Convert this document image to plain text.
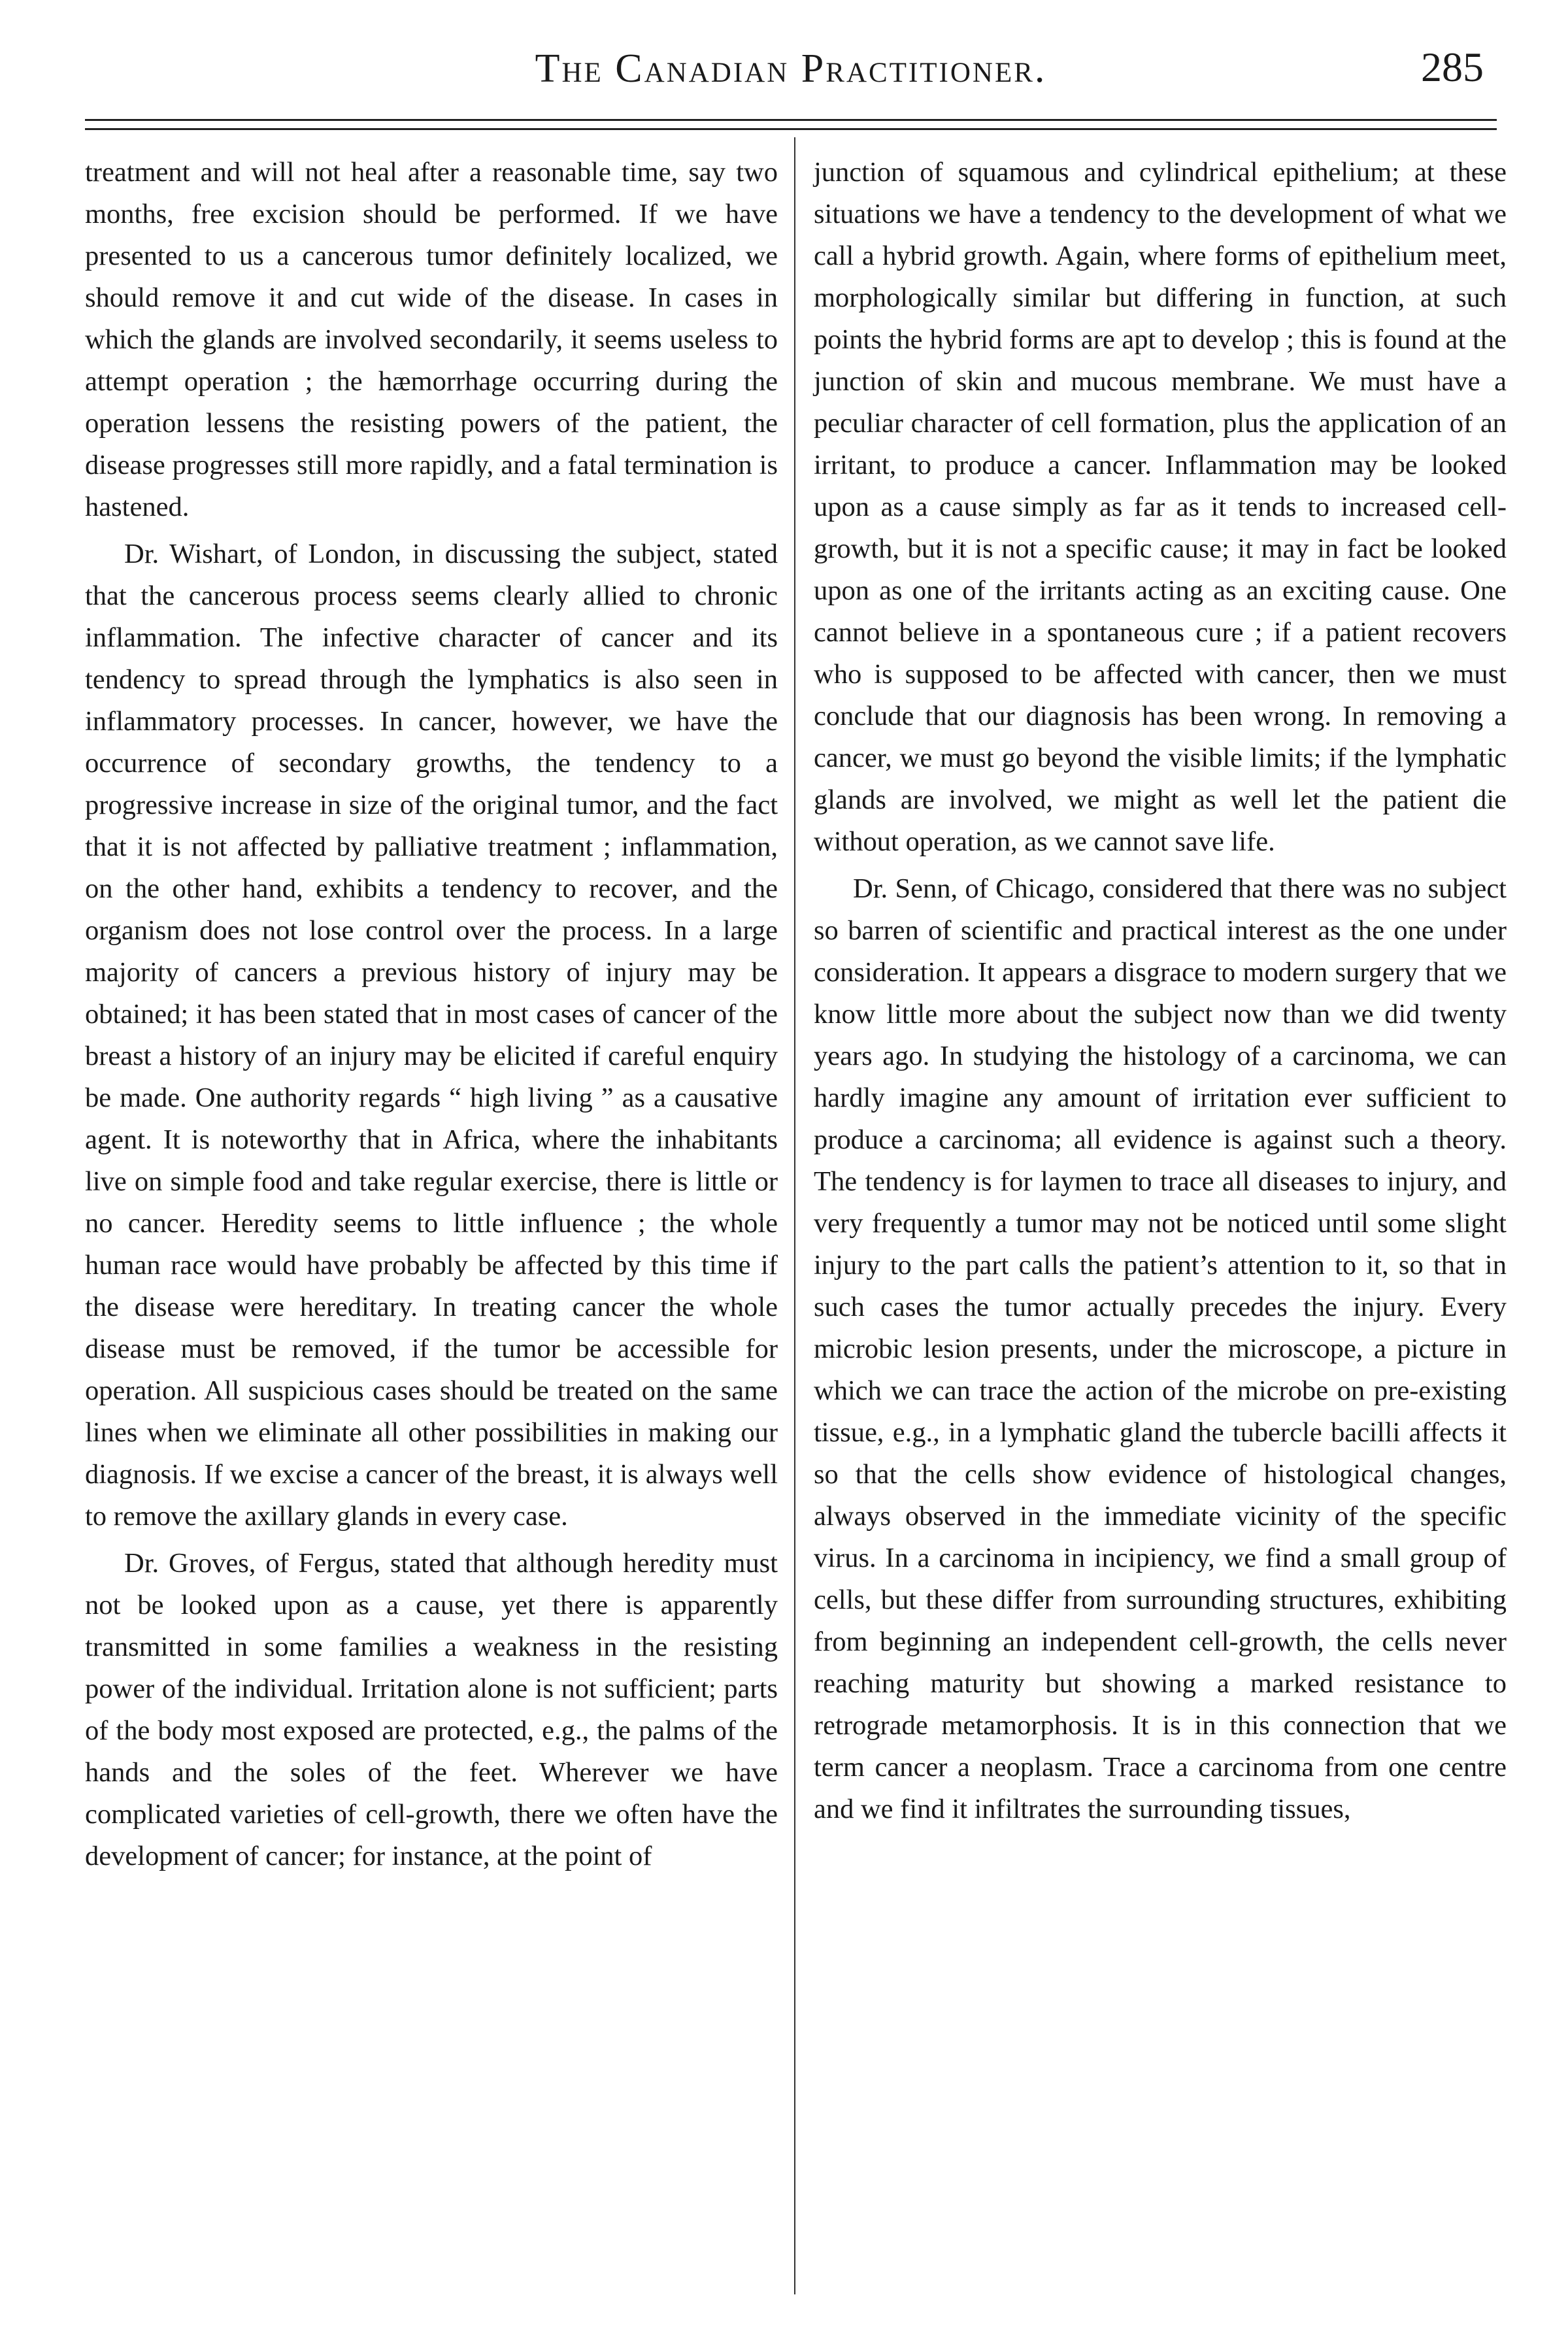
The Canadian Practitioner.	285

treatment and will not heal after a reasonable time, say two months, free excision should be performed. If we have presented to us a cancerous tumor definitely localized, we should remove it and cut wide of the disease. In cases in which the glands are involved secondarily, it seems useless to attempt operation ; the hæmorrhage occurring during the operation lessens the resisting powers of the patient, the disease progresses still more rapidly, and a fatal termination is hastened.

Dr. Wishart, of London, in discussing the subject, stated that the cancerous process seems clearly allied to chronic inflammation. The infective character of cancer and its tendency to spread through the lymphatics is also seen in inflammatory processes. In cancer, however, we have the occurrence of secondary growths, the tendency to a progressive increase in size of the original tumor, and the fact that it is not affected by palliative treatment ; inflammation, on the other hand, exhibits a tendency to recover, and the organism does not lose control over the process. In a large majority of cancers a previous history of injury may be obtained; it has been stated that in most cases of cancer of the breast a history of an injury may be elicited if careful enquiry be made. One authority regards “ high living ” as a causative agent. It is noteworthy that in Africa, where the inhabitants live on simple food and take regular exercise, there is little or no cancer. Heredity seems to little influence ; the whole human race would have probably be affected by this time if the disease were hereditary. In treating cancer the whole disease must be removed, if the tumor be accessible for operation. All suspicious cases should be treated on the same lines when we eliminate all other possibilities in making our diagnosis. If we excise a cancer of the breast, it is always well to remove the axillary glands in every case.

Dr. Groves, of Fergus, stated that although heredity must not be looked upon as a cause, yet there is apparently transmitted in some families a weakness in the resisting power of the individual. Irritation alone is not sufficient; parts of the body most exposed are protected, e.g., the palms of the hands and the soles of the feet. Wherever we have complicated varieties of cell-growth, there we often have the development of cancer; for instance, at the point of

junction of squamous and cylindrical epithelium; at these situations we have a tendency to the development of what we call a hybrid growth. Again, where forms of epithelium meet, morphologically similar but differing in function, at such points the hybrid forms are apt to develop ; this is found at the junction of skin and mucous membrane. We must have a peculiar character of cell formation, plus the application of an irritant, to produce a cancer. Inflammation may be looked upon as a cause simply as far as it tends to increased cell-growth, but it is not a specific cause; it may in fact be looked upon as one of the irritants acting as an exciting cause. One cannot believe in a spontaneous cure ; if a patient recovers who is supposed to be affected with cancer, then we must conclude that our diagnosis has been wrong. In removing a cancer, we must go beyond the visible limits; if the lymphatic glands are involved, we might as well let the patient die without operation, as we cannot save life.

Dr. Senn, of Chicago, considered that there was no subject so barren of scientific and practical interest as the one under consideration. It appears a disgrace to modern surgery that we know little more about the subject now than we did twenty years ago. In studying the histology of a carcinoma, we can hardly imagine any amount of irritation ever sufficient to produce a carcinoma; all evidence is against such a theory. The tendency is for laymen to trace all diseases to injury, and very frequently a tumor may not be noticed until some slight injury to the part calls the patient’s attention to it, so that in such cases the tumor actually precedes the injury. Every microbic lesion presents, under the microscope, a picture in which we can trace the action of the microbe on pre-existing tissue, e.g., in a lymphatic gland the tubercle bacilli affects it so that the cells show evidence of histological changes, always observed in the immediate vicinity of the specific virus. In a carcinoma in incipiency, we find a small group of cells, but these differ from surrounding structures, exhibiting from beginning an independent cell-growth, the cells never reaching maturity but showing a marked resistance to retrograde metamorphosis. It is in this connection that we term cancer a neoplasm. Trace a carcinoma from one centre and we find it infiltrates the surrounding tissues,
